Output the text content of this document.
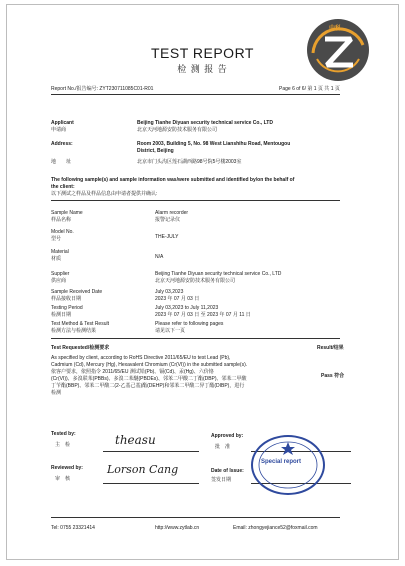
中科
TEST REPORT
检 测 报 告
Report No./报告编号: ZYT230711085C01-R01	Page 6 of 6/ 第 1 页 共 1 页
Applicant
申请商
Beijing Tianhe Diyuan security technical service Co., LTD
北京天河地源安防技术服务有限公司
Address:
地　　址
Room 2003, Building 5, No. 98 West Lianshihu Road, Mentougou
District, Beijing
北京市门头沟区莲石湖西路98号院5号楼2003室
The following sample(s) and sample information was/were submitted and identified by/on the behalf of
the client:
以下测试之样品及样品信息由申请者提供并确认:
Sample Name
样品名称
Alarm recorder
报警记录仪
Model No.
型号	THE-JULY
Material
材质	N/A
Supplier
供应商
Beijing Tianhe Diyuan security technical service Co., LTD
北京天河地源安防技术服务有限公司
Sample Received Date
样品接收日期
July 03,2023
2023 年 07 月 03 日
Testing Period
检测日期
July 03,2023 to July 11,2023
2023 年 07 月 03 日 至 2023 年 07 月 11 日
Test Method & Test Result
检测方法与检测结果
Please refer to following pages
请见以下一页
Test Requested/检测要求	Result/结果
As specified by client, according to RoHS Directive 2011/65/EU to test Lead (Pb),
Cadmium (Cd), Mercury (Hg), Hexavalent Chromium (Cr(VI)) in the submitted sample(s).
依客户要求，依照指令 2011/65/EU 测试铅(Pb)、镉(Cd)、汞(Hg)、六价铬
(Cr(VI))、多溴联苯(PBBs)、多溴二苯醚(PBDEs)、邻苯二甲酸二丁酯(DBP)、邻苯二甲酸
丁苄酯(BBP)、邻苯二甲酸二(2-乙基己基)酯(DEHP)和邻苯二甲酸二异丁酯(DIBP)，进行
检测
Pass 符合
Tested by:
主　检	theasu	Approved by:
批　准
Reviewed by:
审　核
Lorson Cang	Date of Issue:
签发日期
Special report
Tel: 0755 23321414	http://www.zytlab.cn	Email: zhongyejiance52@foxmail.com
